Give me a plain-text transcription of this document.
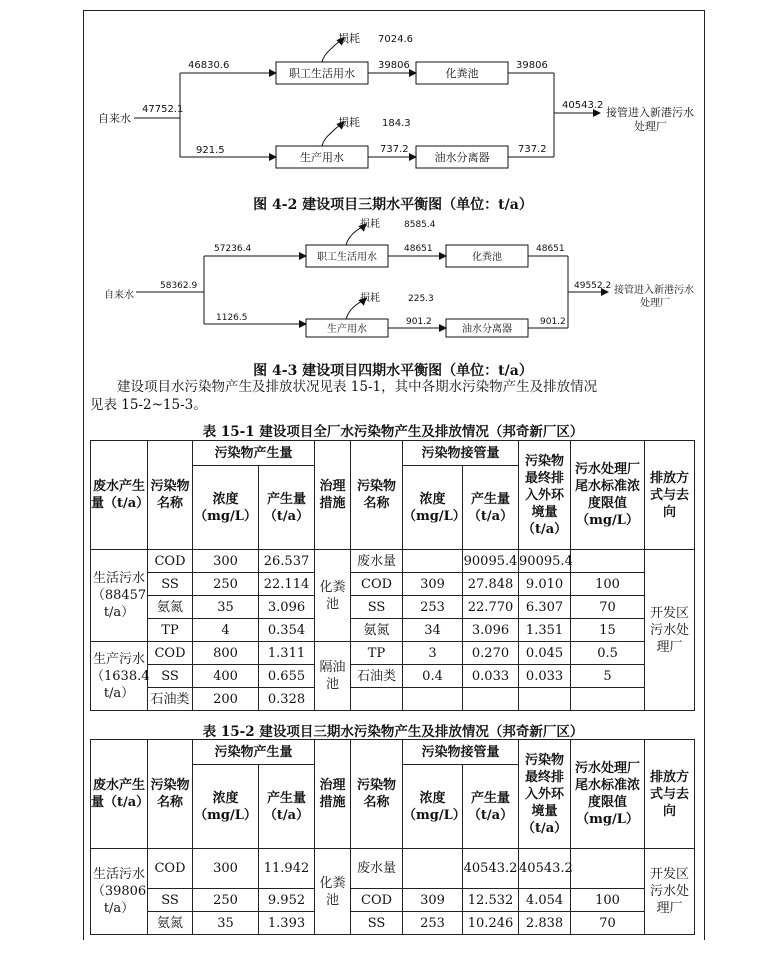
自来水
47752.1
46830.6
921.5
损耗 7024.6
损耗 184.3
职工生活用水	化粪池
生产用水	油水分离器
39806	39806
737.2	737.2
40543.2
接管进入新港污水
处理厂
图 4-2 建设项目三期水平衡图（单位：t/a）
自来水
58362.9
57236.4
1126.5
损耗	8585.4
损耗	225.3
职工生活用水	化粪池
生产用水	油水分离器
48651	48651
901.2	901.2
49552.2 接管进入新港污水
处理厂
图 4-3 建设项目四期水平衡图（单位：t/a）

建设项目水污染物产生及排放状况见表 15-1，其中各期水污染物产生及排放情况

见表 15-2~15-3。
表 15-1 建设项目全厂水污染物产生及排放情况（邦奇新厂区）
废水产生量（t/a）	污染物名称	污染物产生量		治理措施	污染物名称	污染物接管量		污染物最终排入外环境量（t/a）	污水处理厂尾水标准浓度限值（mg/L）	排放方式与去向
		浓度（mg/L）	产生量（t/a）			浓度（mg/L）	产生量（t/a）			
生活污水（88457 t/a）	COD	300	26.537	化粪池	废水量		90095.4	90095.4		开发区污水处理厂
	SS	250	22.114		COD	309	27.848	9.010	100	
	氨氮	35	3.096		SS	253	22.770	6.307	70	
	TP	4	0.354		氨氮	34	3.096	1.351	15	
生产污水（1638.4 t/a）	COD	800	1.311	隔油池	TP	3	0.270	0.045	0.5	
	SS	400	0.655		石油类	0.4	0.033	0.033	5	
	石油类	200	0.328							
表 15-2 建设项目三期水污染物产生及排放情况（邦奇新厂区）
废水产生量（t/a）	污染物名称	污染物产生量		治理措施	污染物名称	污染物接管量		污染物最终排入外环境量（t/a）	污水处理厂尾水标准浓度限值（mg/L）	排放方式与去向
		浓度（mg/L）	产生量（t/a）			浓度（mg/L）	产生量（t/a）			
生活污水（39806 t/a）	COD	300	11.942	化粪池	废水量		40543.2	40543.2		开发区污水处理厂
	SS	250	9.952		COD	309	12.532	4.054	100	
	氨氮	35	1.393		SS	253	10.246	2.838	70	
